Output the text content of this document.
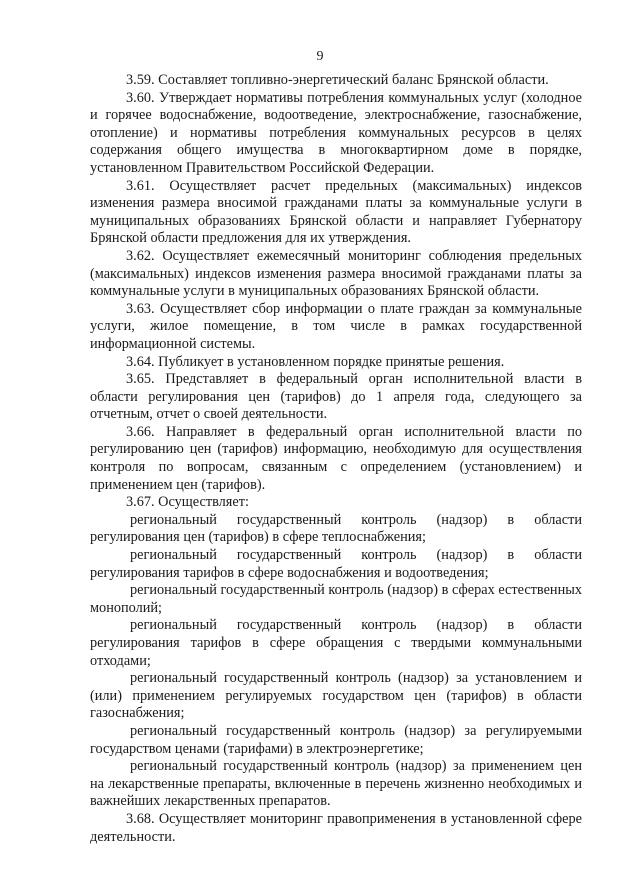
9

3.59. Составляет топливно-энергетический баланс Брянской области.

3.60. Утверждает нормативы потребления коммунальных услуг (холодное и горячее водоснабжение, водоотведение, электроснабжение, газоснабжение, отопление) и нормативы потребления коммунальных ресурсов в целях содержания общего имущества в многоквартирном доме в порядке, установленном Правительством Российской Федерации.

3.61. Осуществляет расчет предельных (максимальных) индексов изменения размера вносимой гражданами платы за коммунальные услуги в муниципальных образованиях Брянской области и направляет Губернатору Брянской области предложения для их утверждения.

3.62. Осуществляет ежемесячный мониторинг соблюдения предельных (максимальных) индексов изменения размера вносимой гражданами платы за коммунальные услуги в муниципальных образованиях Брянской области.

3.63. Осуществляет сбор информации о плате граждан за коммунальные услуги, жилое помещение, в том числе в рамках государственной информационной системы.

3.64. Публикует в установленном порядке принятые решения.

3.65. Представляет в федеральный орган исполнительной власти в области регулирования цен (тарифов) до 1 апреля года, следующего за отчетным, отчет о своей деятельности.

3.66. Направляет в федеральный орган исполнительной власти по регулированию цен (тарифов) информацию, необходимую для осуществления контроля по вопросам, связанным с определением (установлением) и применением цен (тарифов).

3.67. Осуществляет:

региональный государственный контроль (надзор) в области регулирования цен (тарифов) в сфере теплоснабжения;

региональный государственный контроль (надзор) в области регулирования тарифов в сфере водоснабжения и водоотведения;

региональный государственный контроль (надзор) в сферах естественных монополий;

региональный государственный контроль (надзор) в области регулирования тарифов в сфере обращения с твердыми коммунальными отходами;

региональный государственный контроль (надзор) за установлением и (или) применением регулируемых государством цен (тарифов) в области газоснабжения;

региональный государственный контроль (надзор) за регулируемыми государством ценами (тарифами) в электроэнергетике;

региональный государственный контроль (надзор) за применением цен на лекарственные препараты, включенные в перечень жизненно необходимых и важнейших лекарственных препаратов.

3.68. Осуществляет мониторинг правоприменения в установленной сфере деятельности.
